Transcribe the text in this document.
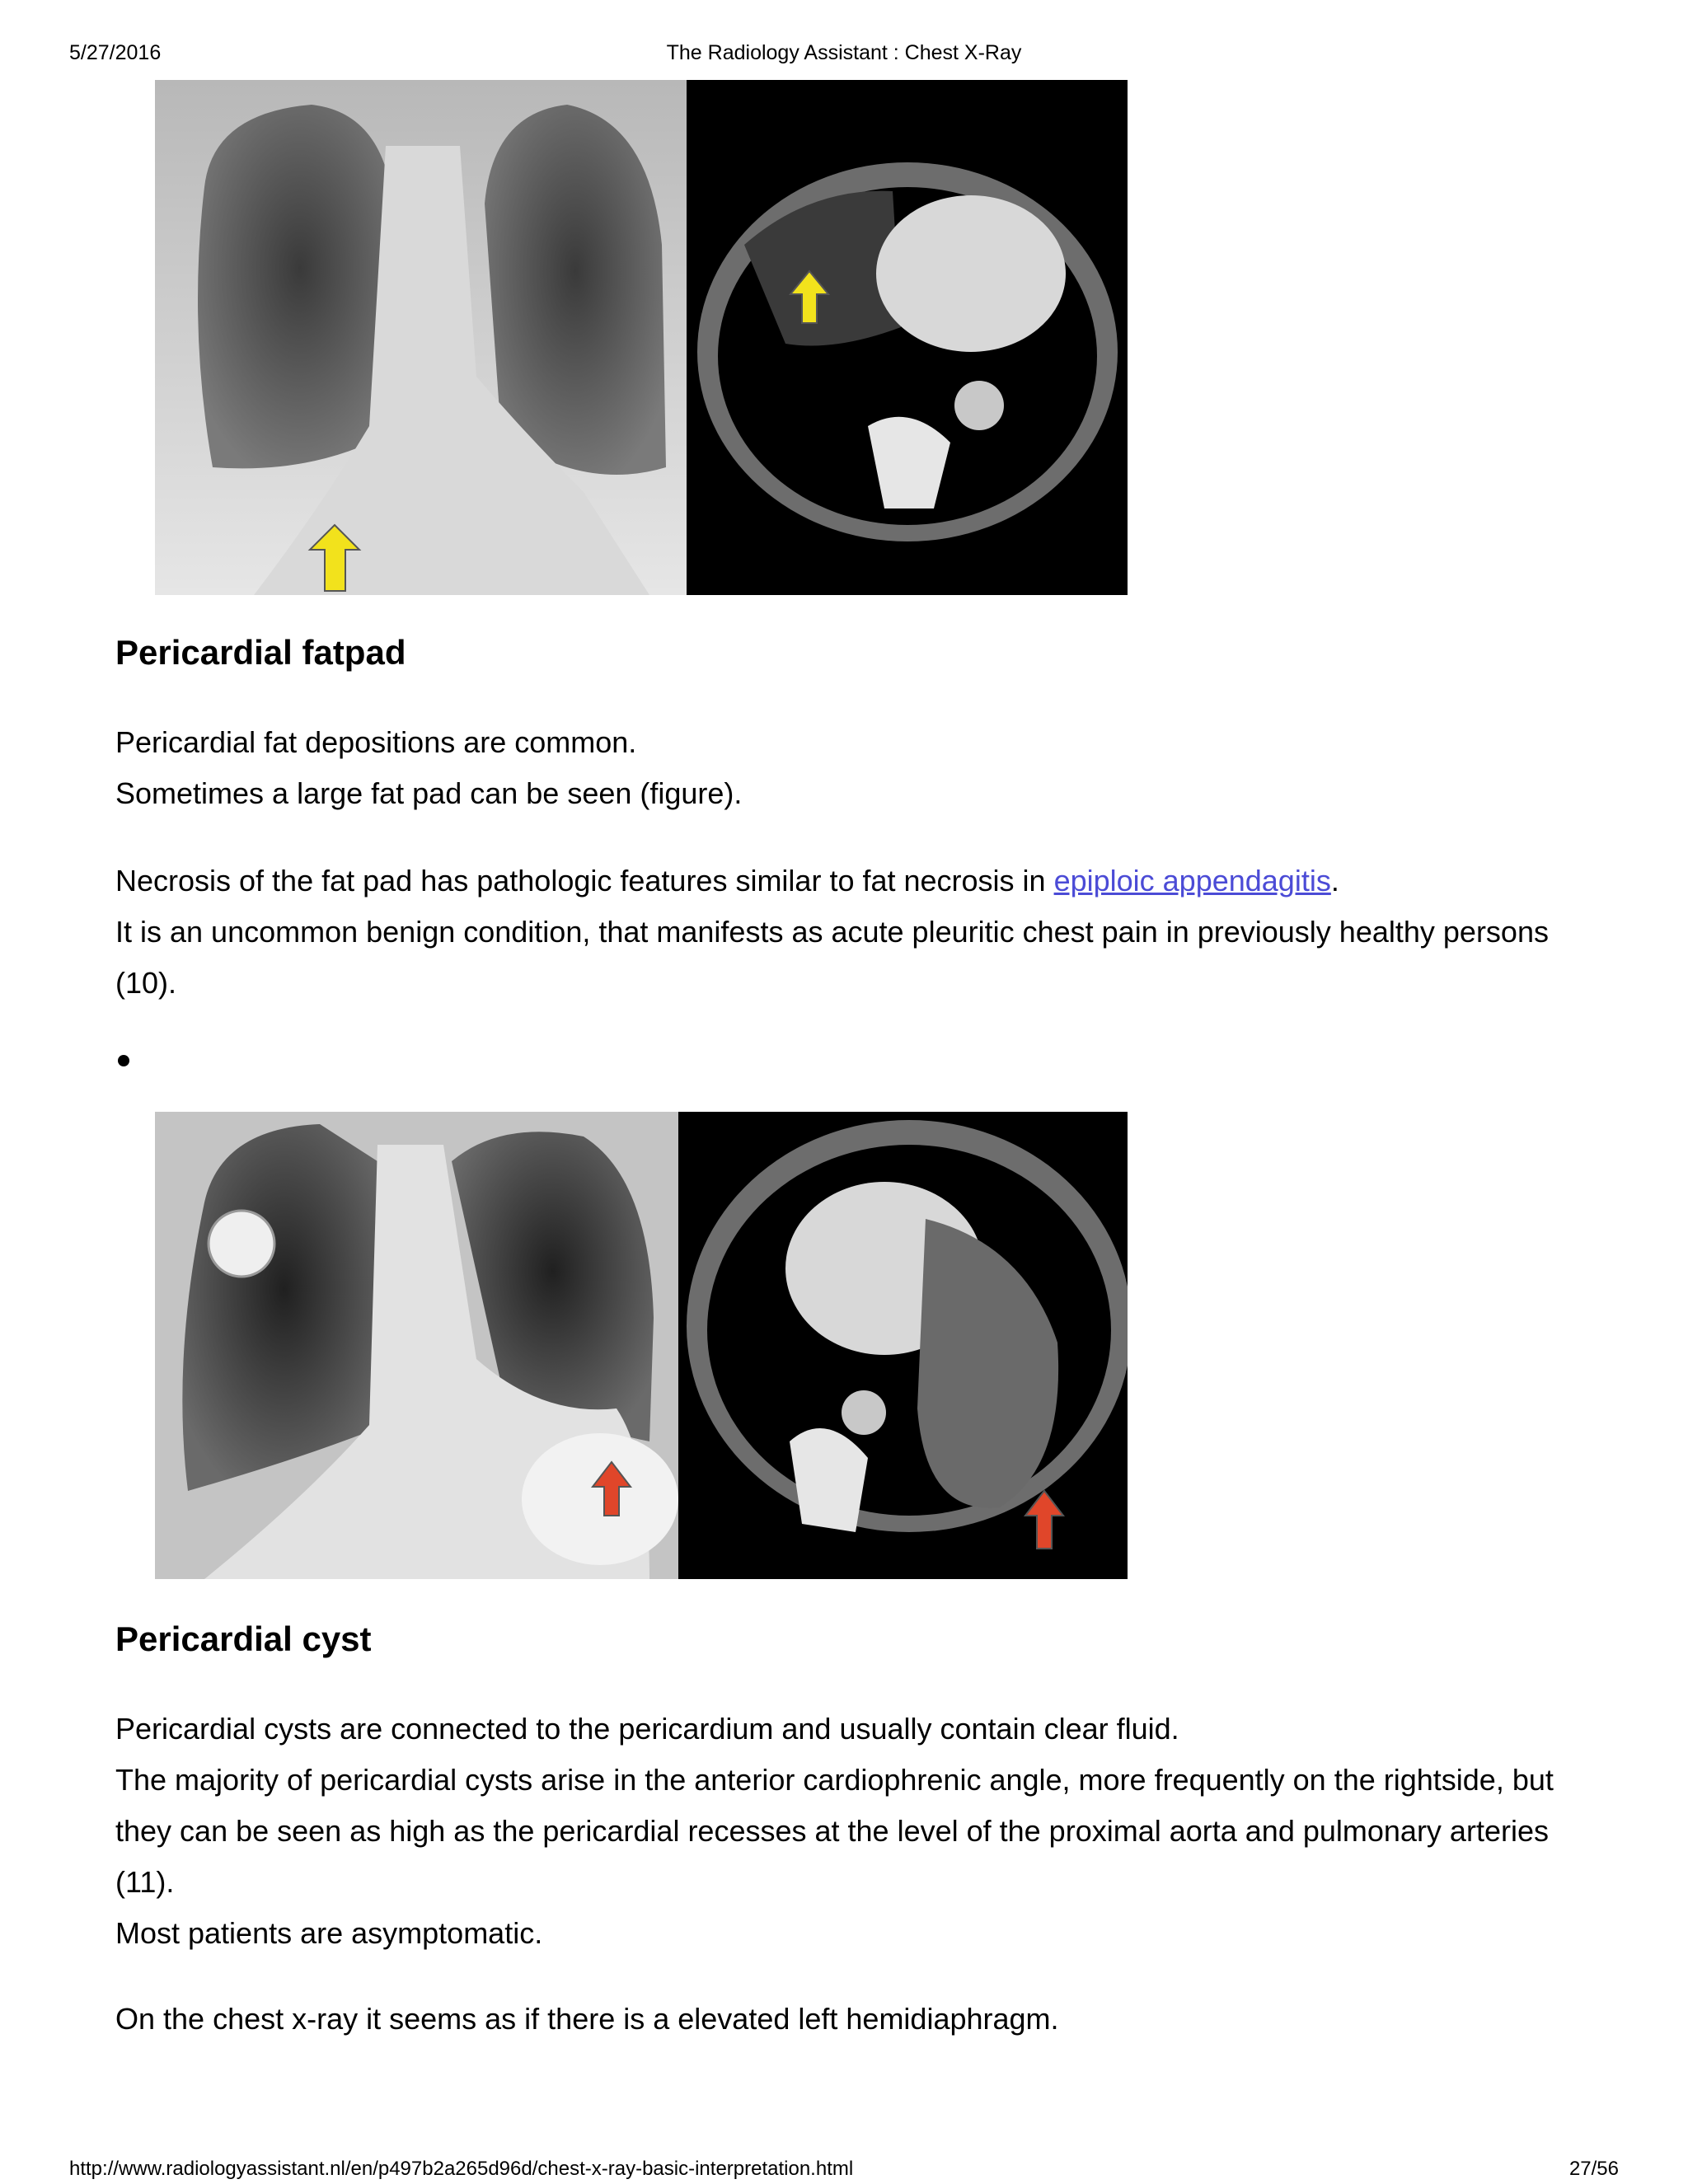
5/27/2016	The Radiology Assistant : Chest X-Ray
Pericardial fatpad
Pericardial fat depositions are common.
Sometimes a large fat pad can be seen (figure).
Necrosis of the fat pad has pathologic features similar to fat necrosis in epiploic appendagitis.
It is an uncommon benign condition, that manifests as acute pleuritic chest pain in previously healthy persons (10).
Pericardial cyst
Pericardial cysts are connected to the pericardium and usually contain clear fluid.
The majority of pericardial cysts arise in the anterior cardiophrenic angle, more frequently on the rightside, but they can be seen as high as the pericardial recesses at the level of the proximal aorta and pulmonary arteries (11).
Most patients are asymptomatic.
On the chest x-ray it seems as if there is a elevated left hemidiaphragm.
http://www.radiologyassistant.nl/en/p497b2a265d96d/chest-x-ray-basic-interpretation.html	27/56
